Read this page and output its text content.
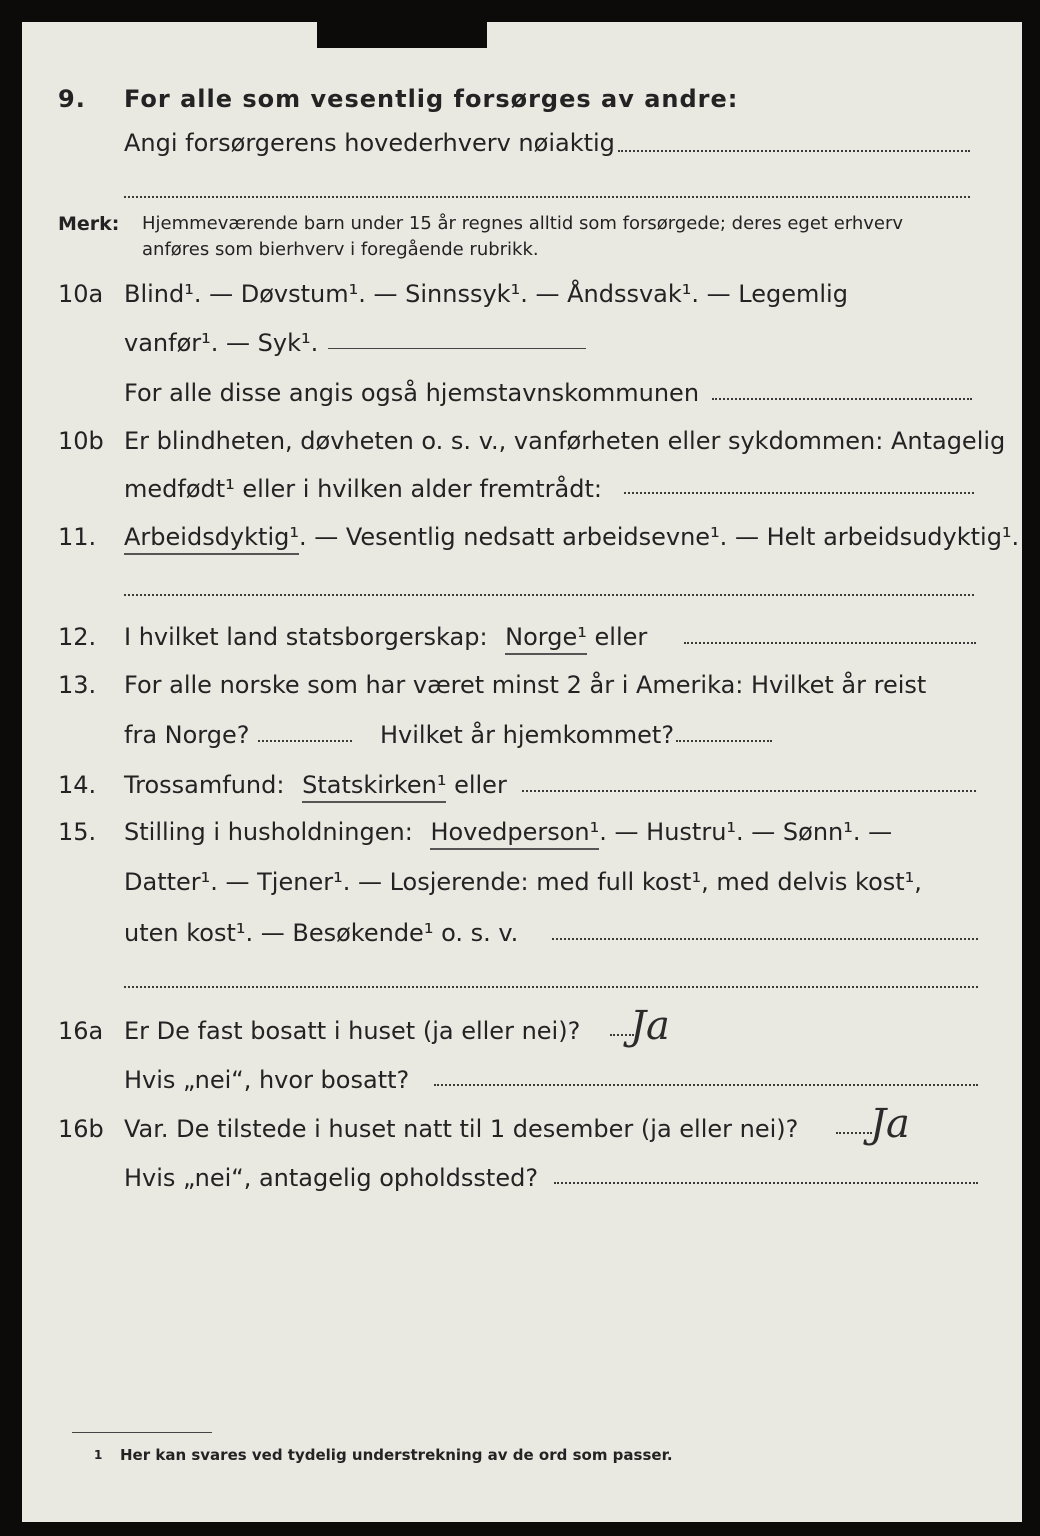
9. For alle som vesentlig forsørges av andre:
Angi forsørgerens hovederhverv nøiaktig
Merk: Hjemmeværende barn under 15 år regnes alltid som forsørgede; deres eget erhverv
anføres som bierhverv i foregående rubrikk.
10a Blind¹. — Døvstum¹. — Sinnssyk¹. — Åndssvak¹. — Legemlig
vanfør¹. — Syk¹.
For alle disse angis også hjemstavnskommunen
10b Er blindheten, døvheten o. s. v., vanførheten eller sykdommen: Antagelig
medfødt¹ eller i hvilken alder fremtrådt:
11. Arbeidsdyktig¹. — Vesentlig nedsatt arbeidsevne¹. — Helt arbeidsudyktig¹.
12. I hvilket land statsborgerskap: Norge¹ eller
13. For alle norske som har været minst 2 år i Amerika: Hvilket år reist
fra Norge?	Hvilket år hjemkommet?
14. Trossamfund: Statskirken¹ eller
15. Stilling i husholdningen: Hovedperson¹. — Hustru¹. — Sønn¹. —
Datter¹. — Tjener¹. — Losjerende: med full kost¹, med delvis kost¹,
uten kost¹. — Besøkende¹ o. s. v.
16a Er De fast bosatt i huset (ja eller nei)? Ja
Hvis „nei“, hvor bosatt?
16b Var. De tilstede i huset natt til 1 desember (ja eller nei)? Ja
Hvis „nei“, antagelig opholdssted?
1 Her kan svares ved tydelig understrekning av de ord som passer.
